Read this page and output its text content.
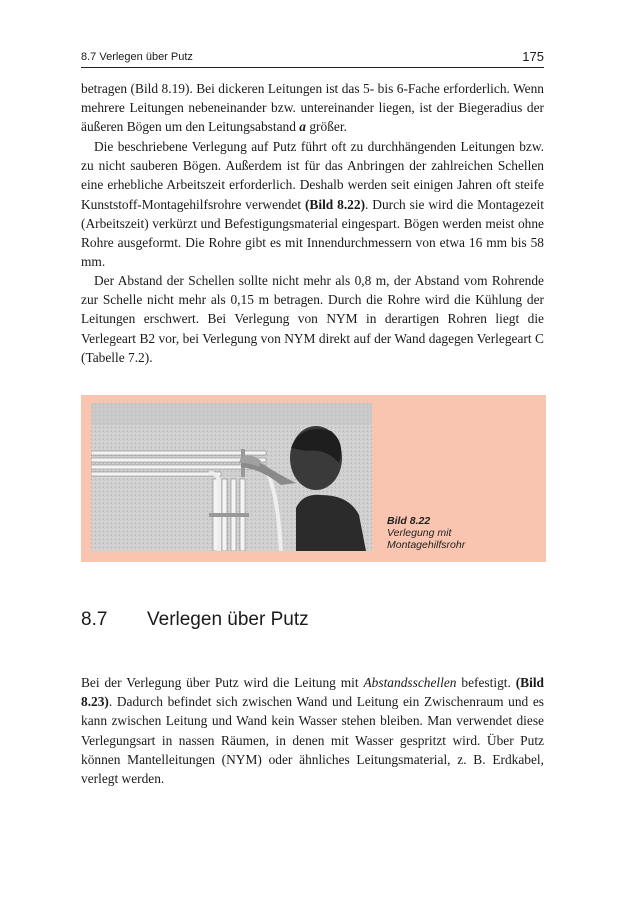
8.7 Verlegen über Putz	175

betragen (Bild 8.19). Bei dickeren Leitungen ist das 5- bis 6-Fache erforderlich. Wenn mehrere Leitungen nebeneinander bzw. untereinander liegen, ist der Biegeradius der äußeren Bögen um den Leitungsabstand a größer.

Die beschriebene Verlegung auf Putz führt oft zu durchhängenden Leitungen bzw. zu nicht sauberen Bögen. Außerdem ist für das Anbringen der zahlreichen Schellen eine erhebliche Arbeitszeit erforderlich. Deshalb werden seit einigen Jahren oft steife Kunststoff-Montagehilfsrohre verwendet (Bild 8.22). Durch sie wird die Montagezeit (Arbeitszeit) verkürzt und Befestigungsmaterial eingespart. Bögen werden meist ohne Rohre ausgeformt. Die Rohre gibt es mit Innendurchmessern von etwa 16 mm bis 58 mm.

Der Abstand der Schellen sollte nicht mehr als 0,8 m, der Abstand vom Rohrende zur Schelle nicht mehr als 0,15 m betragen. Durch die Rohre wird die Kühlung der Leitungen erschwert. Bei Verlegung von NYM in derartigen Rohren liegt die Verlegeart B2 vor, bei Verlegung von NYM direkt auf der Wand dagegen Verlegeart C (Tabelle 7.2).

Bild 8.22
Verlegung mit Montagehilfsrohr
8.7 Verlegen über Putz

Bei der Verlegung über Putz wird die Leitung mit Abstandsschellen befestigt. (Bild 8.23). Dadurch befindet sich zwischen Wand und Leitung ein Zwischenraum und es kann zwischen Leitung und Wand kein Wasser stehen bleiben. Man verwendet diese Verlegungsart in nassen Räumen, in denen mit Wasser gespritzt wird. Über Putz können Mantelleitungen (NYM) oder ähnliches Leitungsmaterial, z. B. Erdkabel, verlegt werden.
